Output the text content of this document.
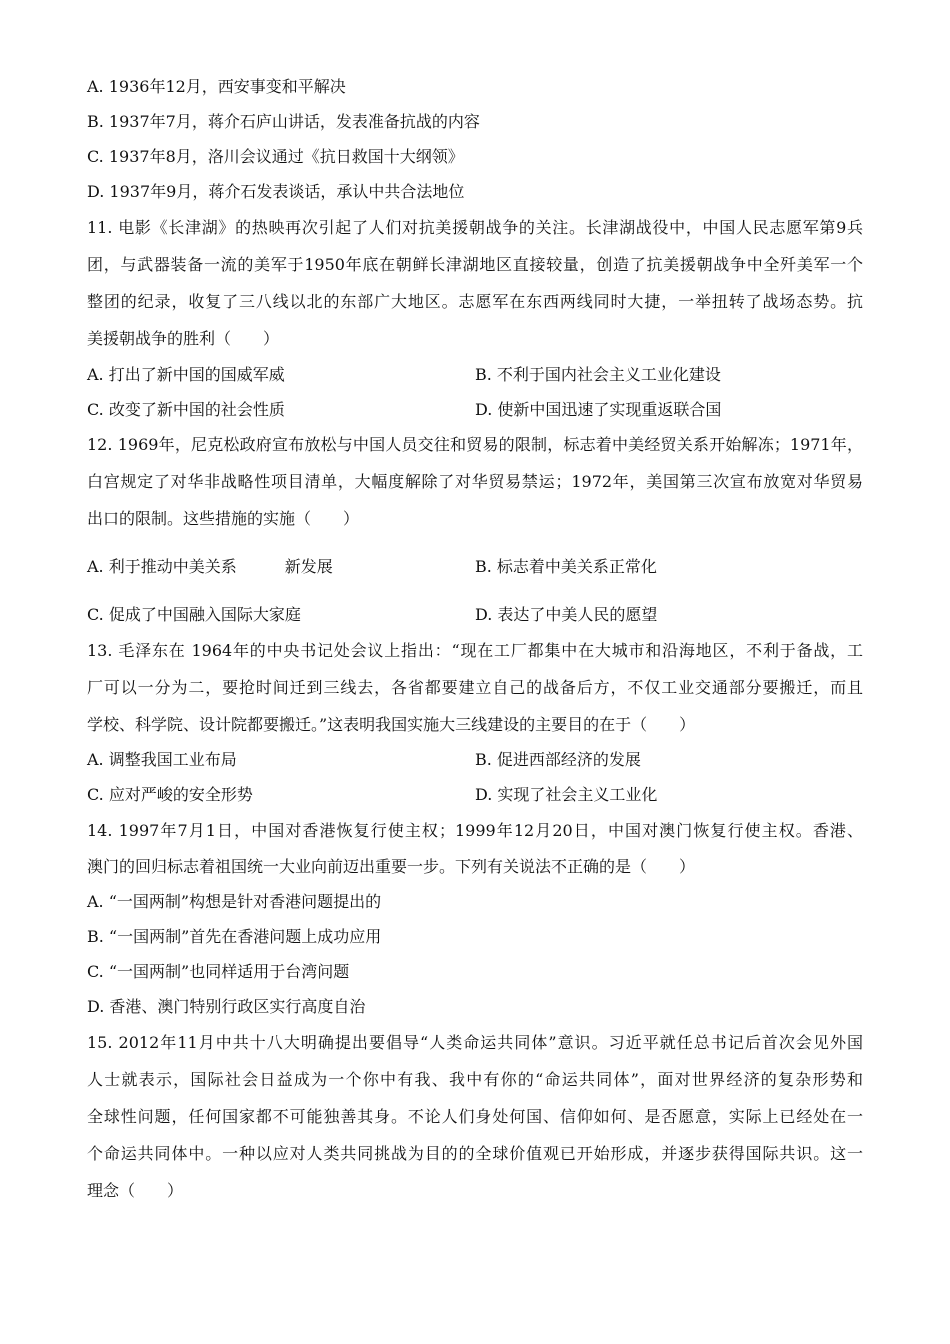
A. 1936年12月，西安事变和平解决
B. 1937年7月，蒋介石庐山讲话，发表准备抗战的内容
C. 1937年8月，洛川会议通过《抗日救国十大纲领》
D. 1937年9月，蒋介石发表谈话，承认中共合法地位
11. 电影《长津湖》的热映再次引起了人们对抗美援朝战争的关注。长津湖战役中，中国人民志愿军第9兵
团，与武器装备一流的美军于1950年底在朝鲜长津湖地区直接较量，创造了抗美援朝战争中全歼美军一个
整团的纪录，收复了三八线以北的东部广大地区。志愿军在东西两线同时大捷，一举扭转了战场态势。抗
美援朝战争的胜利（　　）
A. 打出了新中国的国威军威	B. 不利于国内社会主义工业化建设
C. 改变了新中国的社会性质	D. 使新中国迅速了实现重返联合国
12. 1969年，尼克松政府宣布放松与中国人员交往和贸易的限制，标志着中美经贸关系开始解冻；1971年，
白宫规定了对华非战略性项目清单，大幅度解除了对华贸易禁运；1972年，美国第三次宣布放宽对华贸易
出口的限制。这些措施的实施（　　）
A. 利于推动中美关系　　　新发展	B. 标志着中美关系正常化
C. 促成了中国融入国际大家庭	D. 表达了中美人民的愿望
13. 毛泽东在 1964年的中央书记处会议上指出：“现在工厂都集中在大城市和沿海地区，不利于备战，工
厂可以一分为二，要抢时间迁到三线去，各省都要建立自己的战备后方，不仅工业交通部分要搬迁，而且
学校、科学院、设计院都要搬迁。”这表明我国实施大三线建设的主要目的在于（　　）
A. 调整我国工业布局	B. 促进西部经济的发展
C. 应对严峻的安全形势	D. 实现了社会主义工业化
14. 1997年7月1日，中国对香港恢复行使主权；1999年12月20日，中国对澳门恢复行使主权。香港、
澳门的回归标志着祖国统一大业向前迈出重要一步。下列有关说法不正确的是（　　）
A. “一国两制”构想是针对香港问题提出的
B. “一国两制”首先在香港问题上成功应用
C. “一国两制”也同样适用于台湾问题
D. 香港、澳门特别行政区实行高度自治
15. 2012年11月中共十八大明确提出要倡导“人类命运共同体”意识。习近平就任总书记后首次会见外国
人士就表示，国际社会日益成为一个你中有我、我中有你的“命运共同体”，面对世界经济的复杂形势和
全球性问题，任何国家都不可能独善其身。不论人们身处何国、信仰如何、是否愿意，实际上已经处在一
个命运共同体中。一种以应对人类共同挑战为目的的全球价值观已开始形成，并逐步获得国际共识。这一
理念（　　）
